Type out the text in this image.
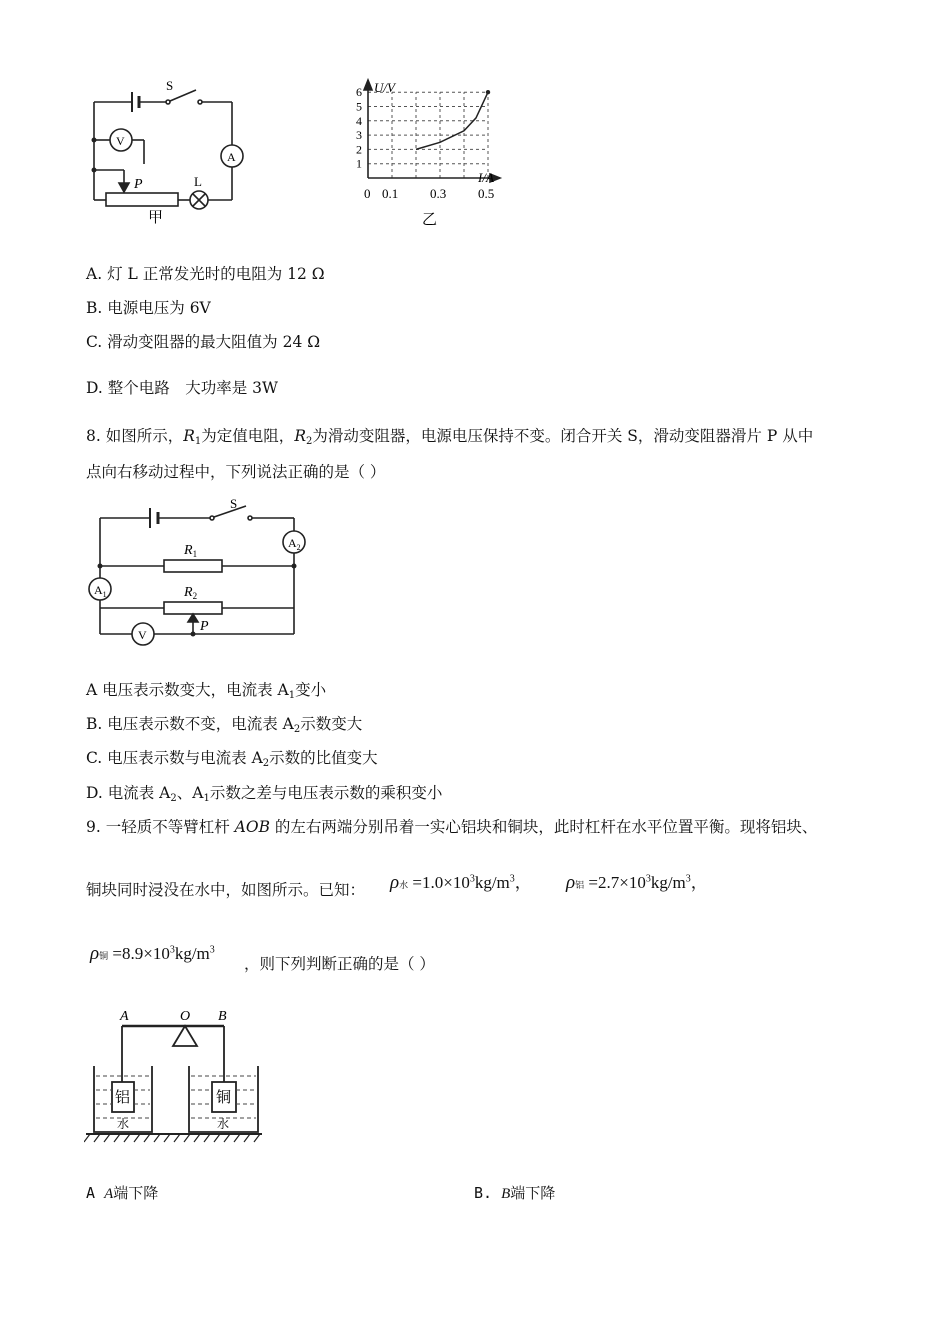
S
V
A
P	L
甲
1
2
3
4
5
6
0 0.1 0.3 0.5
U/V
I/A
乙
A. 灯 L 正常发光时的电阻为 12 Ω
B. 电源电压为 6V
C. 滑动变阻器的最大阻值为 24 Ω
D. 整个电路　大功率是 3W
8. 如图所示，$R_1$为定值电阻，$R_2$为滑动变阻器，电源电压保持不变。闭合开关 S，滑动变阻器滑片 P 从中
点向右移动过程中，下列说法正确的是（ ）
S
$A_2$
$A_1$
$R_1$
$R_2$
V
P
A 电压表示数变大，电流表 $A_1$变小
B. 电压表示数不变，电流表 $A_2$示数变大
C. 电压表示数与电流表 $A_2$示数的比值变大
D. 电流表 $A_2$、$A_1$示数之差与电压表示数的乘积变小
9. 一轻质不等臂杠杆 AOB 的左右两端分别吊着一实心铝块和铜块，此时杠杆在水平位置平衡。现将铝块、
铜块同时浸没在水中，如图所示。已知： ρ水 $=1.0\times 10^3kg/m^3$， ρ铝 $=2.7\times 10^3kg/m^3$，
ρ铜 $=8.9\times 10^3kg/m^3$
，则下列判断正确的是（ ）
A	O B
铝	铜
水	水
A A端下降	B. B端下降
